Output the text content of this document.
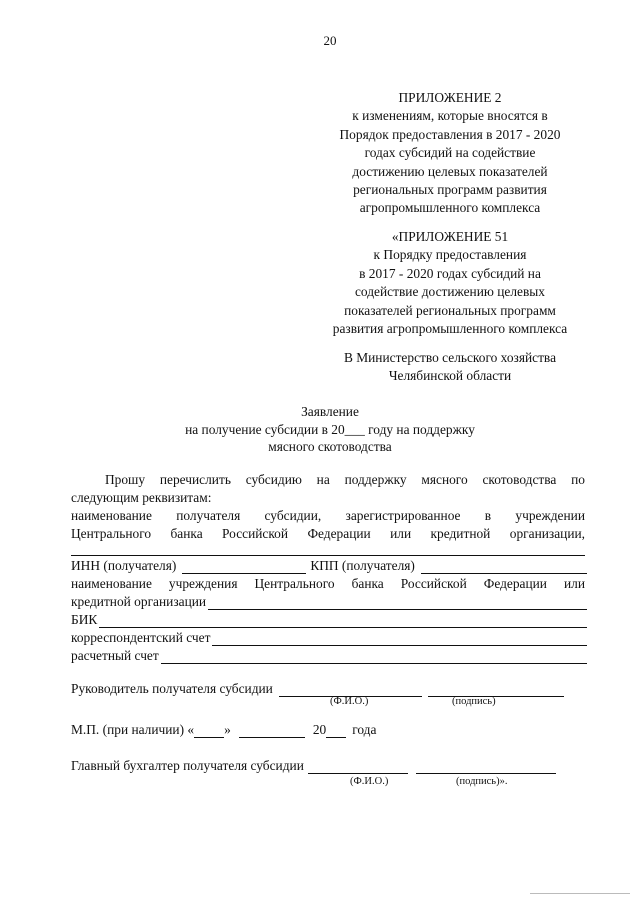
20
ПРИЛОЖЕНИЕ 2
к изменениям, которые вносятся в
Порядок предоставления в 2017 - 2020
годах субсидий на содействие
достижению целевых показателей
региональных программ развития
агропромышленного комплекса
«ПРИЛОЖЕНИЕ 51
к Порядку предоставления
в 2017 - 2020 годах субсидий на
содействие достижению целевых
показателей региональных программ
развития агропромышленного комплекса
В Министерство сельского хозяйства
Челябинской области
Заявление
на получение субсидии в 20___ году на поддержку
мясного скотоводства
Прошу перечислить субсидию на поддержку мясного скотоводства по
следующим реквизитам:
наименование получателя субсидии, зарегистрированное в учреждении
Центрального банка Российской Федерации или кредитной организации,
ИНН (получателя)	КПП (получателя)
наименование учреждения Центрального банка Российской Федерации или
кредитной организации
БИК
корреспондентский счет
расчетный счет
Руководитель получателя субсидии
(Ф.И.О.)	(подпись)
М.П. (при наличии) « »	20 года
Главный бухгалтер получателя субсидии
(Ф.И.О.)	(подпись)».
